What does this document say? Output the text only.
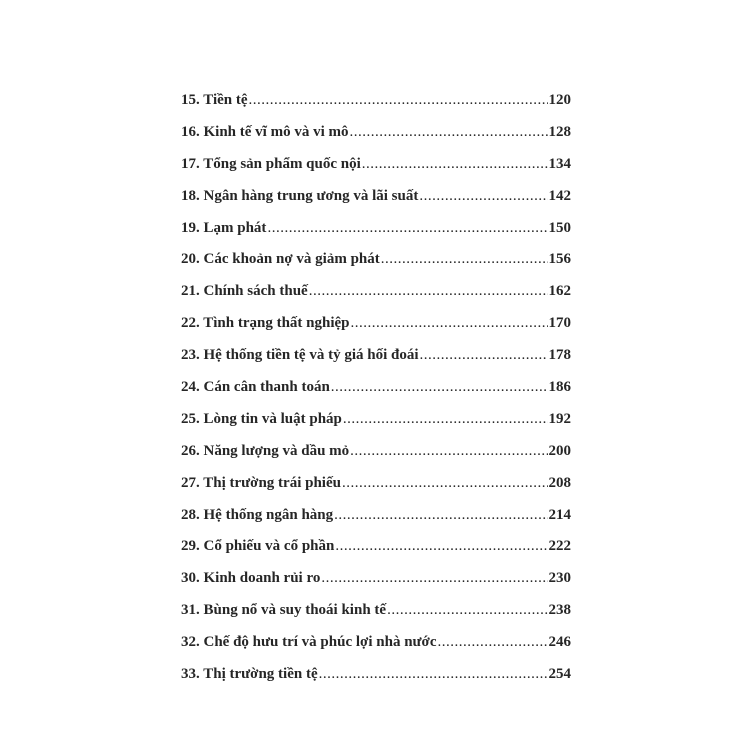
15. Tiền tệ .....	120
16. Kinh tế vĩ mô và vi mô .....	128
17. Tổng sản phẩm quốc nội .....	134
18. Ngân hàng trung ương và lãi suất .....	142
19. Lạm phát .....	150
20. Các khoản nợ và giảm phát .....	156
21. Chính sách thuế .....	162
22. Tình trạng thất nghiệp .....	170
23. Hệ thống tiền tệ và tỷ giá hối đoái .....	178
24. Cán cân thanh toán .....	186
25. Lòng tin và luật pháp .....	192
26. Năng lượng và dầu mỏ .....	200
27. Thị trường trái phiếu .....	208
28. Hệ thống ngân hàng .....	214
29. Cổ phiếu và cổ phần .....	222
30. Kinh doanh rủi ro .....	230
31. Bùng nổ và suy thoái kinh tế .....	238
32. Chế độ hưu trí và phúc lợi nhà nước .....	246
33. Thị trường tiền tệ .....	254
